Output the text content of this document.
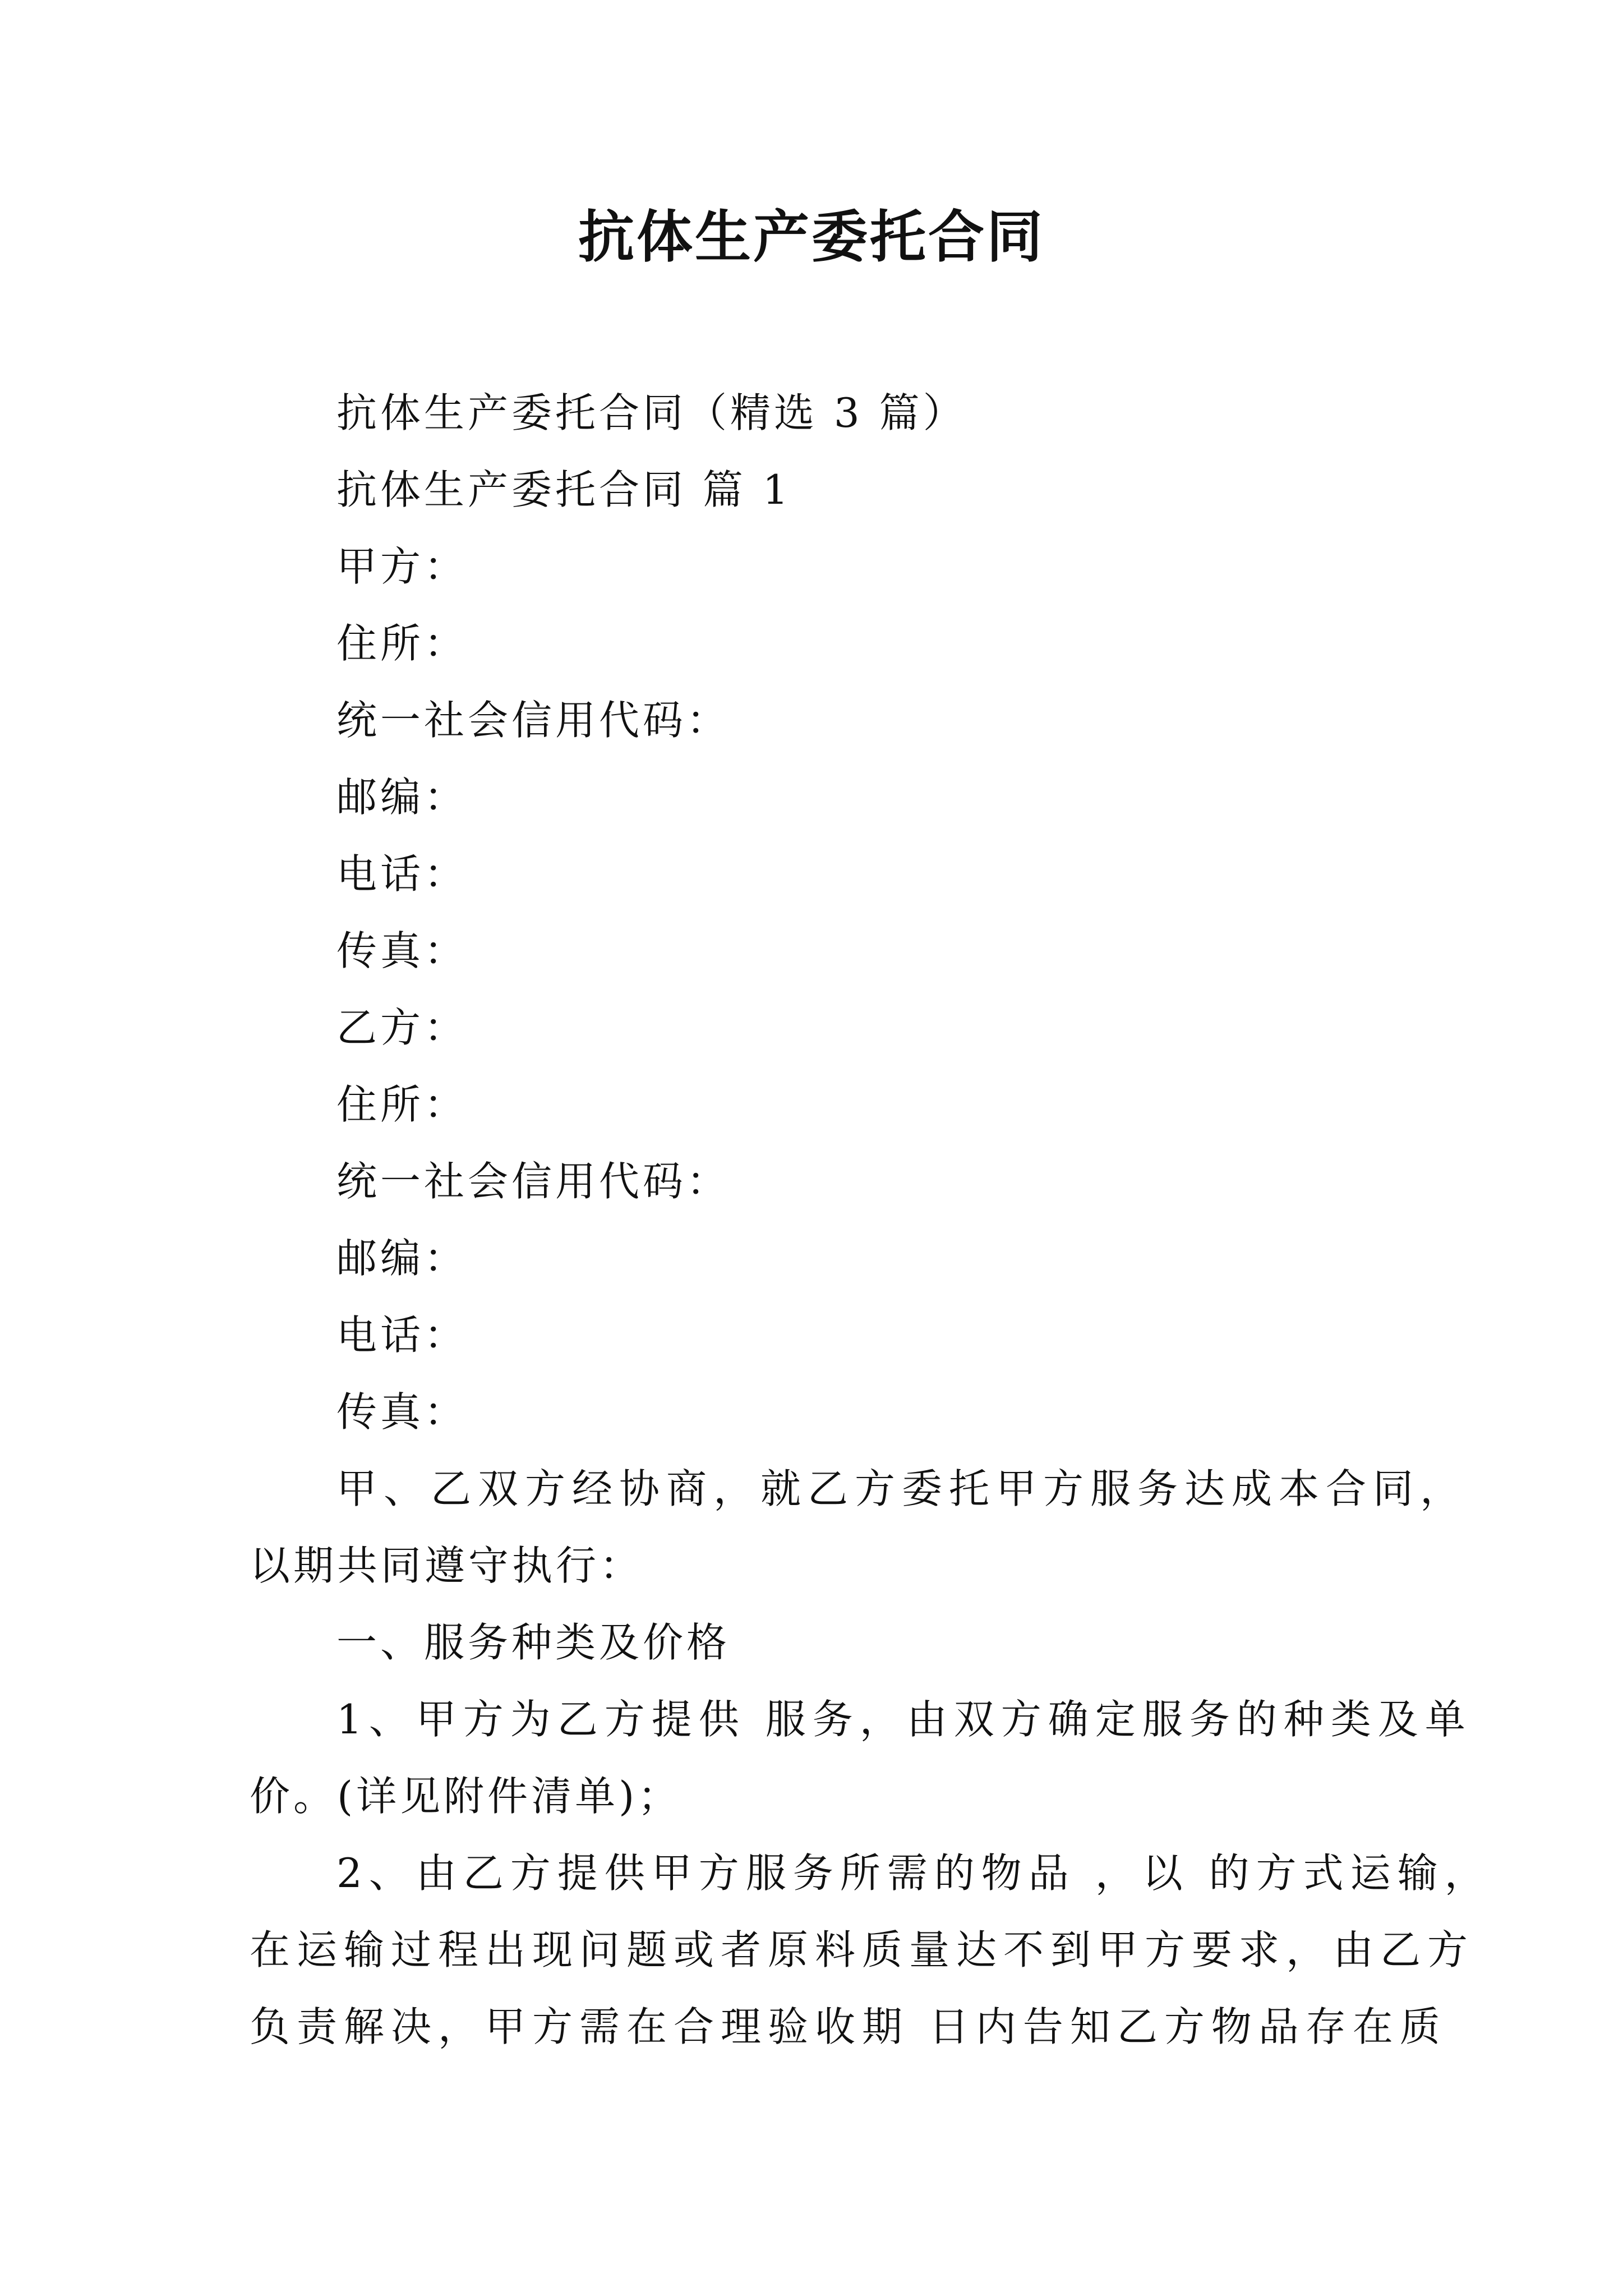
抗体生产委托合同

抗体生产委托合同（精选 3 篇）

抗体生产委托合同 篇 1

甲方：

住所：

统一社会信用代码：

邮编：

电话：

传真：

乙方：

住所：

统一社会信用代码：

邮编：

电话：

传真：

甲、乙双方经协商，就乙方委托甲方服务达成本合同，

以期共同遵守执行：

一、服务种类及价格

1、甲方为乙方提供 服务，由双方确定服务的种类及单

价。(详见附件清单)；

2、由乙方提供甲方服务所需的物品 ，以 的方式运输，

在运输过程出现问题或者原料质量达不到甲方要求，由乙方

负责解决，甲方需在合理验收期 日内告知乙方物品存在质
